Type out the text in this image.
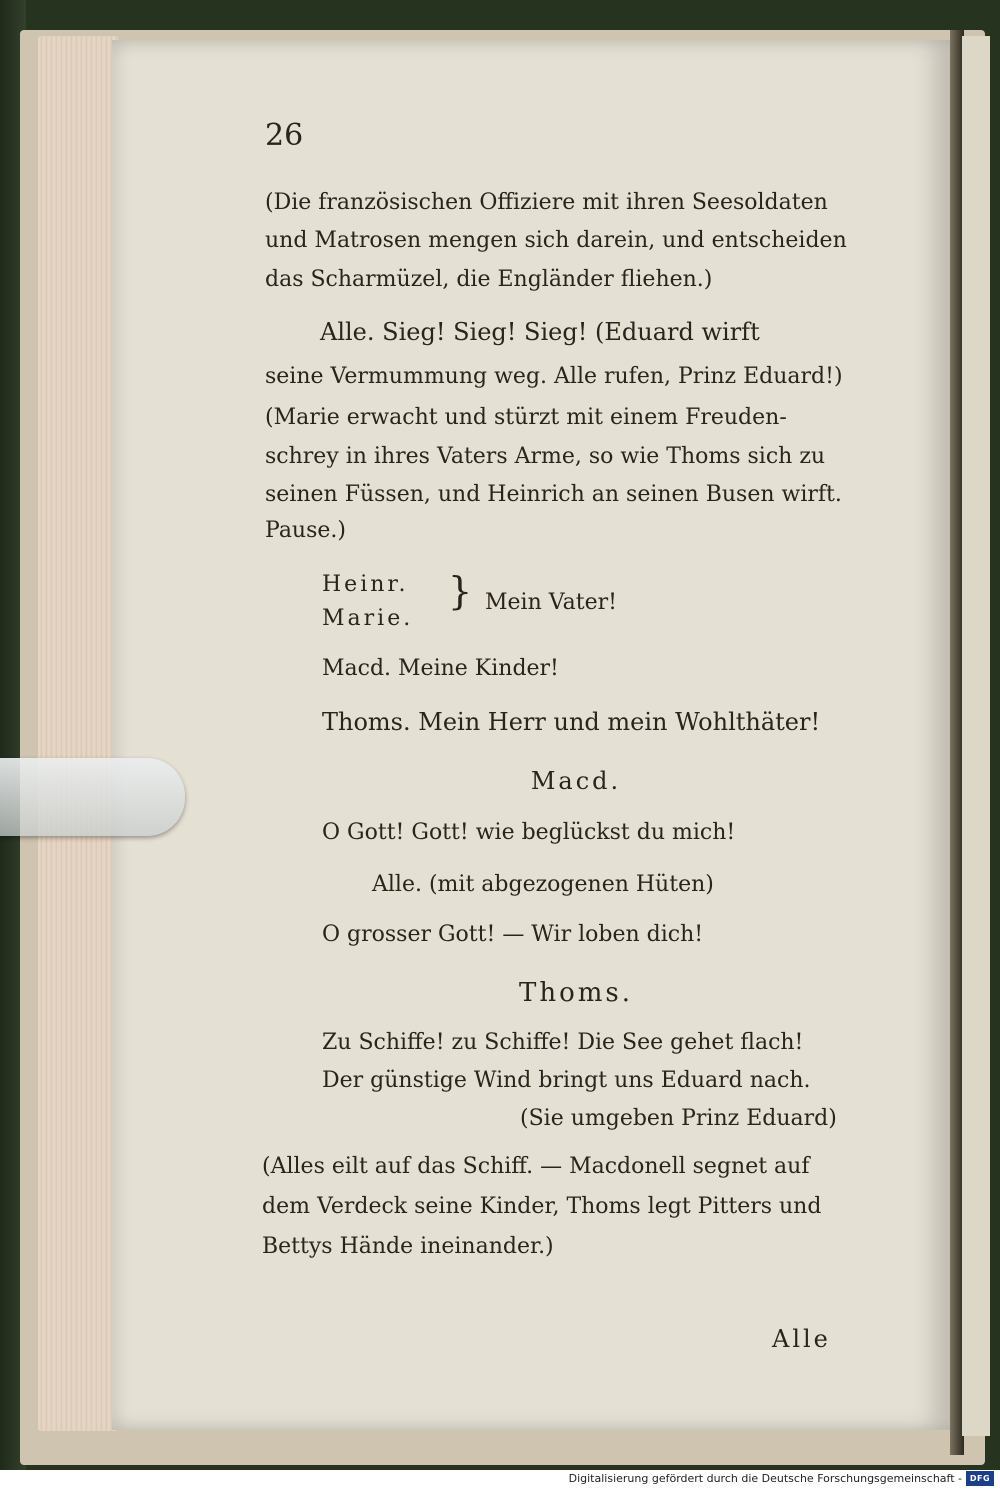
26
(Die französischen Offiziere mit ihren Seesoldaten
und Matrosen mengen sich darein, und entscheiden
das Scharmüzel, die Engländer fliehen.)
Alle. Sieg! Sieg! Sieg! (Eduard wirft
seine Vermummung weg. Alle rufen, Prinz Eduard!)
(Marie erwacht und stürzt mit einem Freuden-
schrey in ihres Vaters Arme, so wie Thoms sich zu
seinen Füssen, und Heinrich an seinen Busen wirft.
Pause.)
Heinr.
Marie.
} Mein Vater!
Macd. Meine Kinder!
Thoms. Mein Herr und mein Wohlthäter!
Macd.
O Gott! Gott! wie beglückst du mich!
Alle. (mit abgezogenen Hüten)
O grosser Gott! — Wir loben dich!
Thoms.
Zu Schiffe! zu Schiffe! Die See gehet flach!
Der günstige Wind bringt uns Eduard nach.
(Sie umgeben Prinz Eduard)
(Alles eilt auf das Schiff. — Macdonell segnet auf
dem Verdeck seine Kinder, Thoms legt Pitters und
Bettys Hände ineinander.)
Alle
Digitalisierung gefördert durch die Deutsche Forschungsgemeinschaft - DFG
